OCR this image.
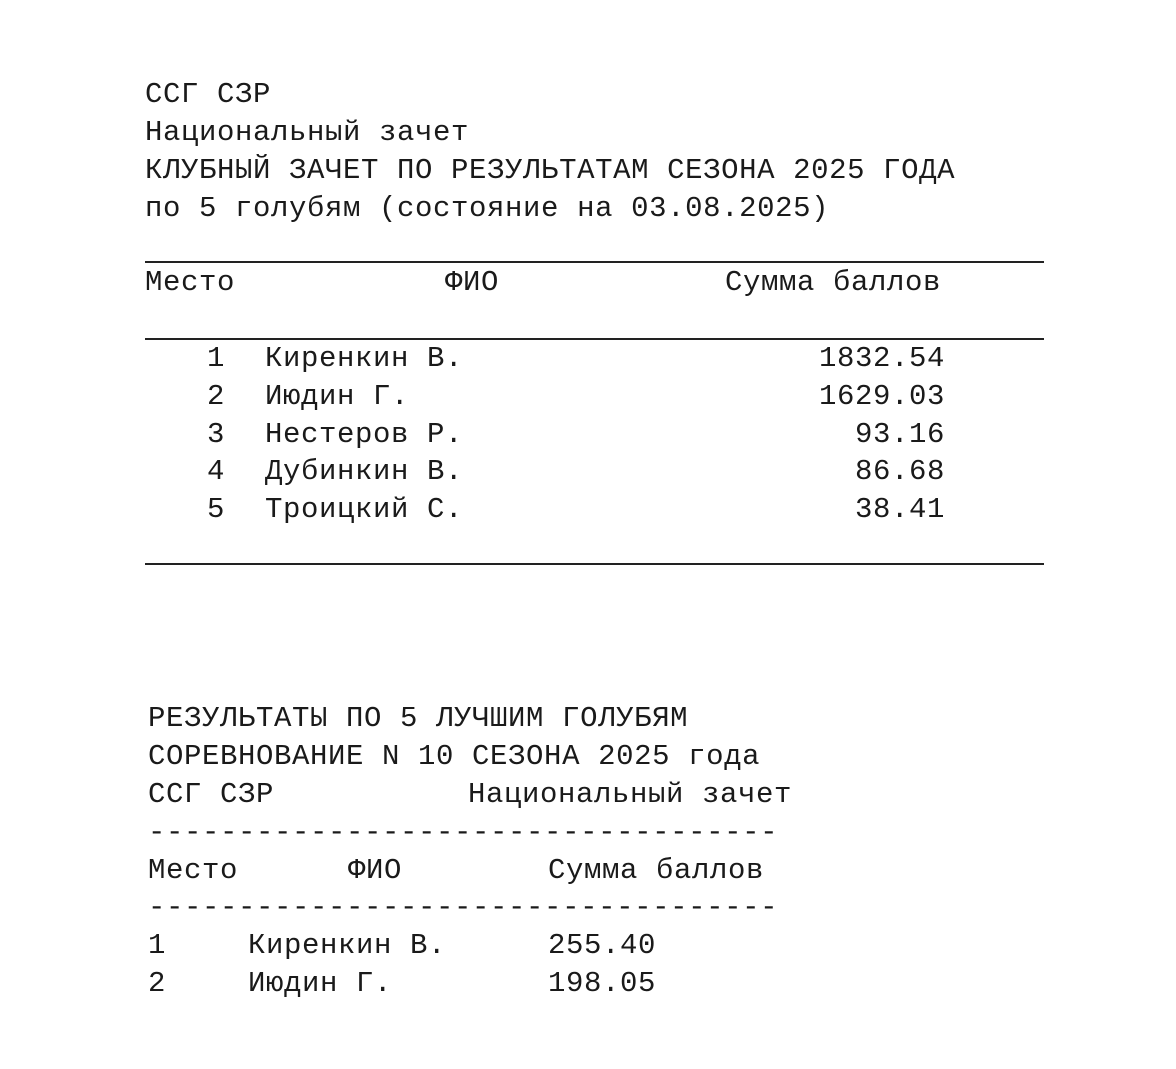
ССГ СЗР
Национальный зачет
КЛУБНЫЙ ЗАЧЕТ ПО РЕЗУЛЬТАТАМ СЕЗОНА 2025 ГОДА
по 5 голубям (состояние на 03.08.2025)
Место	ФИО	Сумма баллов
1 Киренкин В.	1832.54
2 Июдин Г.	1629.03
3 Нестеров Р.	93.16
4 Дубинкин В.	86.68
5 Троицкий С.	38.41
РЕЗУЛЬТАТЫ ПО 5 ЛУЧШИМ ГОЛУБЯМ
СОРЕВНОВАНИЕ N 10 СЕЗОНА 2025 года
ССГ СЗР	Национальный зачет
-----------------------------------
Место	ФИО	Сумма баллов
-----------------------------------
1	Киренкин В.	255.40
2	Июдин Г.	198.05
